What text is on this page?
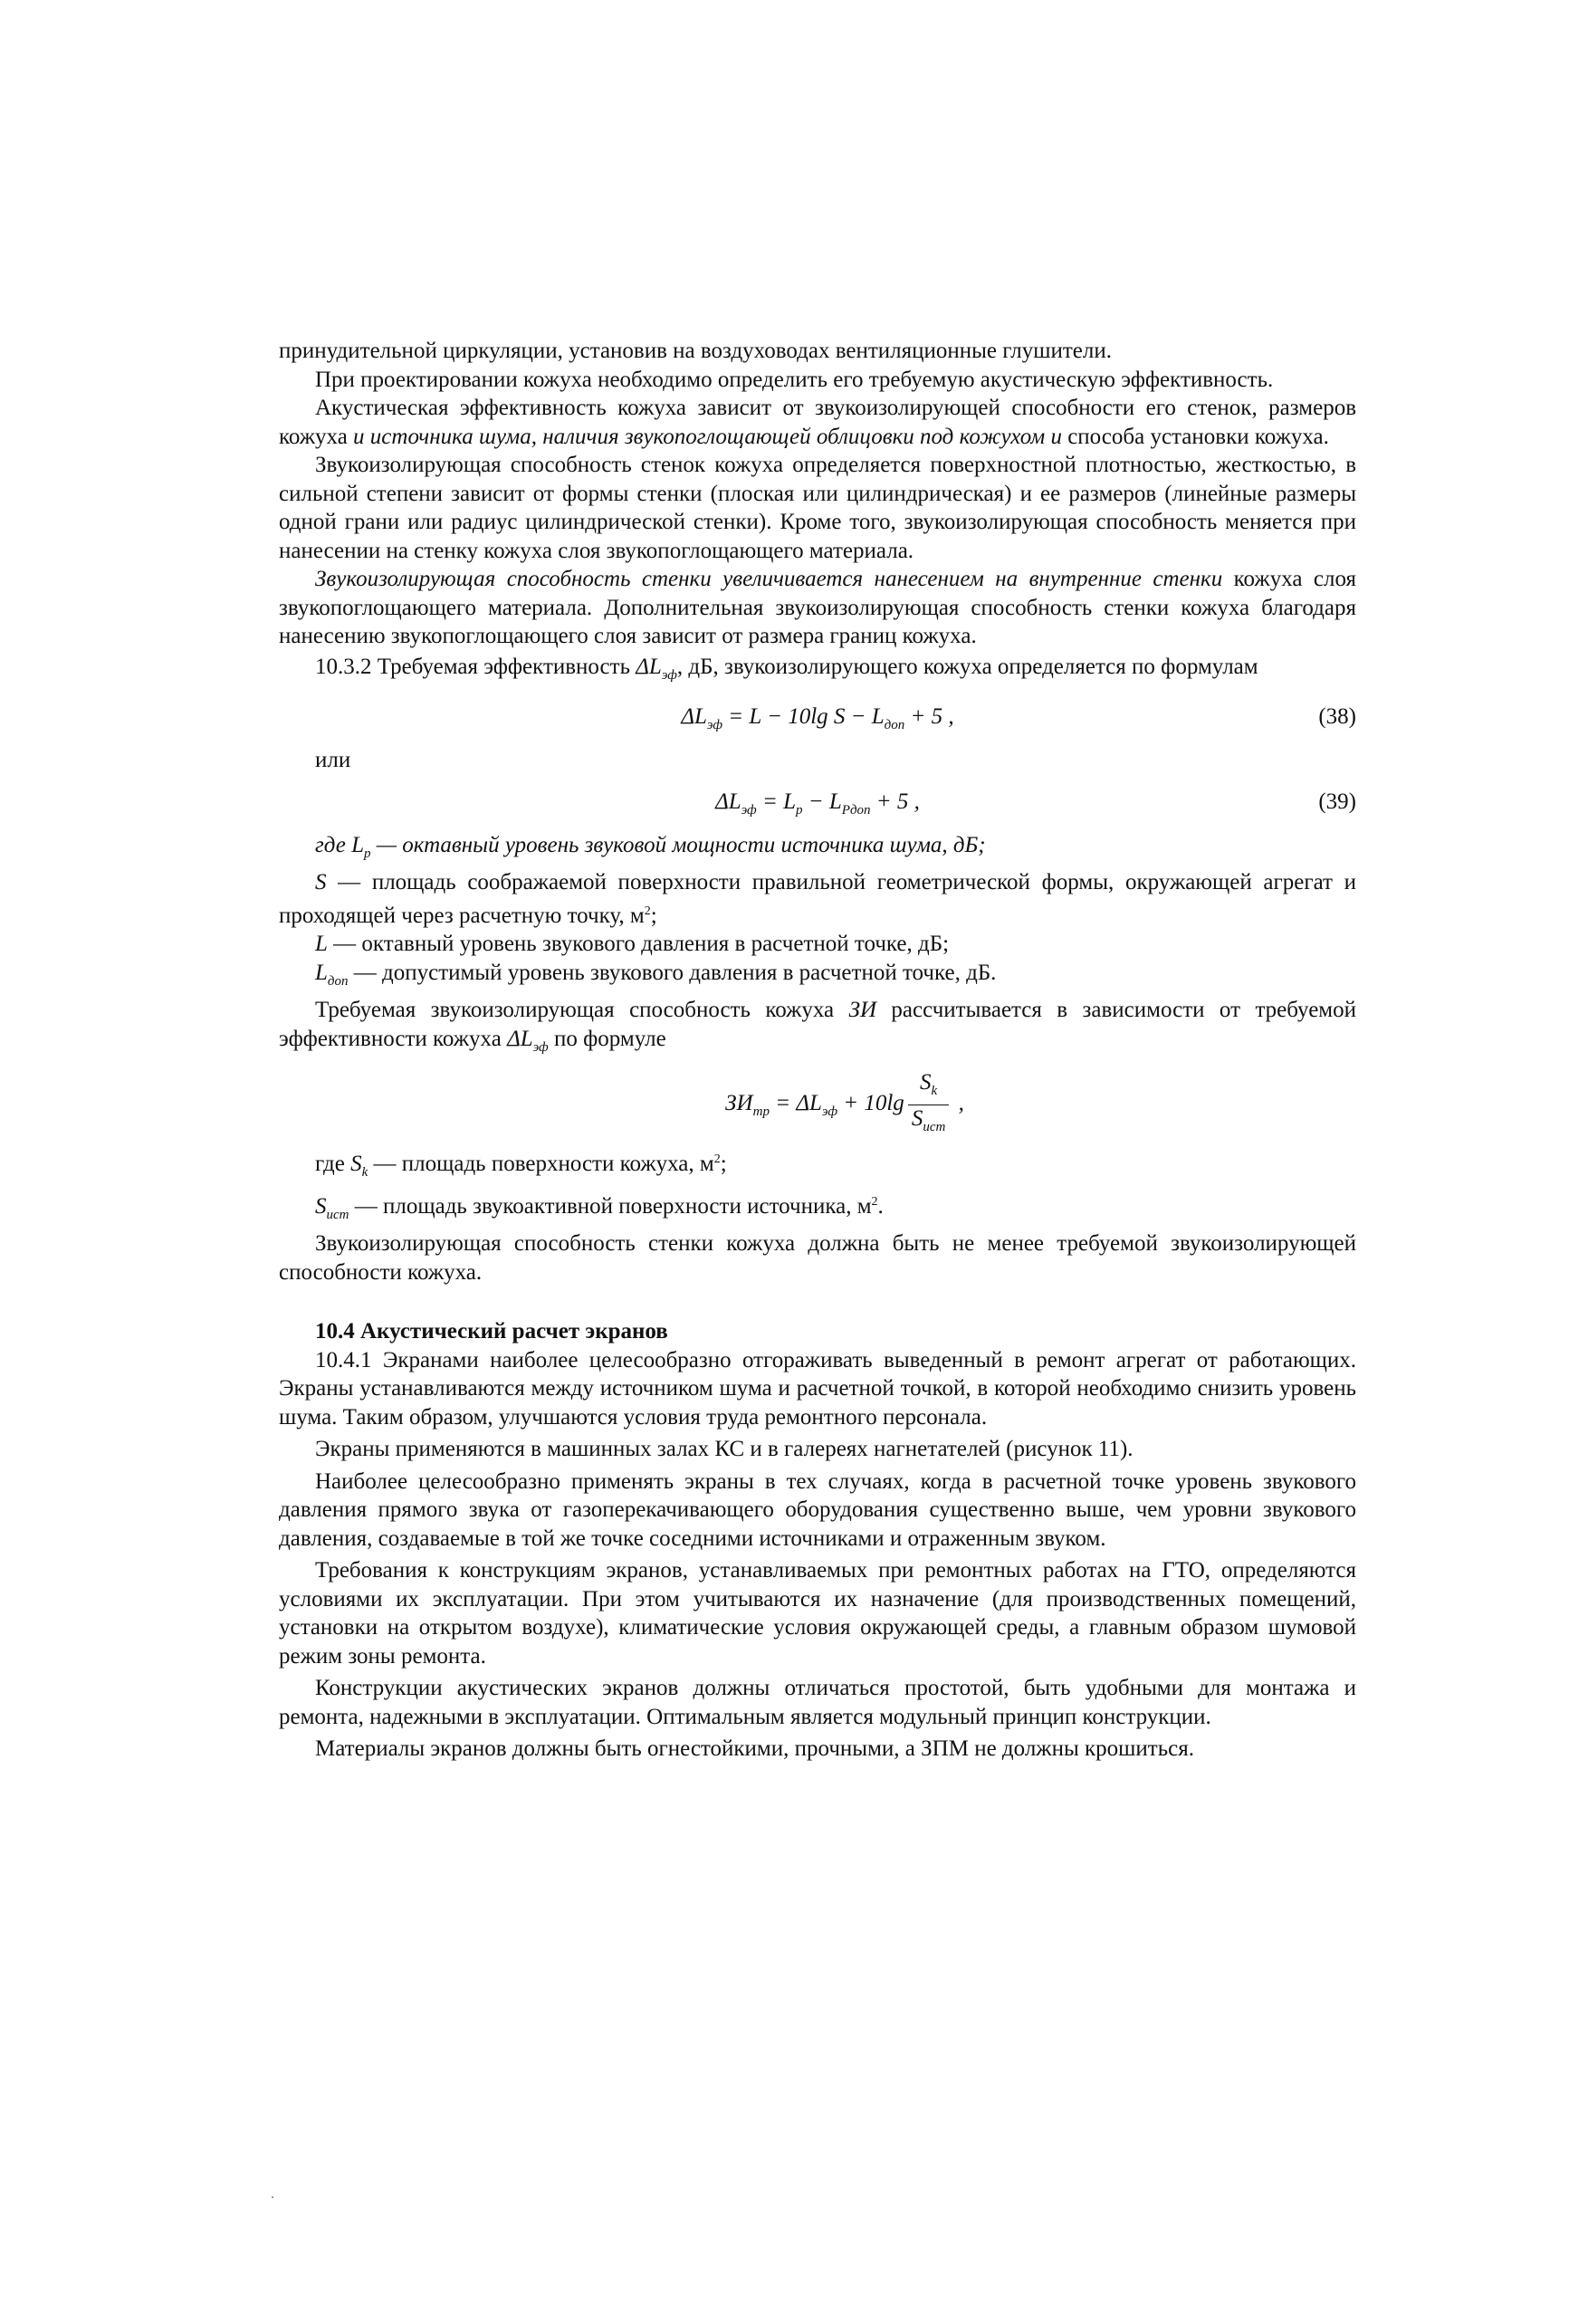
принудительной циркуляции, установив на воздуховодах вентиляционные глушители.

При проектировании кожуха необходимо определить его требуемую акустическую эффективность.

Акустическая эффективность кожуха зависит от звукоизолирующей способности его стенок, размеров кожуха и источника шума, наличия звукопоглощающей облицовки под кожухом и способа установки кожуха.

Звукоизолирующая способность стенок кожуха определяется поверхностной плотностью, жесткостью, в сильной степени зависит от формы стенки (плоская или цилиндрическая) и ее размеров (линейные размеры одной грани или радиус цилиндрической стенки). Кроме того, звукоизолирующая способность меняется при нанесении на стенку кожуха слоя звукопоглощающего материала.

Звукоизолирующая способность стенки увеличивается нанесением на внутренние стенки кожуха слоя звукопоглощающего материала. Дополнительная звукоизолирующая способность стенки кожуха благодаря нанесению звукопоглощающего слоя зависит от размера границ кожуха.

10.3.2 Требуемая эффективность $\Delta L_{эф}$, дБ, звукоизолирующего кожуха определяется по формулам

$\Delta L_{эф} = L - 10\lg$ $S - L_{доп} + 5$ ,	(38)

или

$\Delta L_{эф} = L_p - L_{Pдоп} + 5$ ,	(39)

где $L_p$ — октавный уровень звуковой мощности источника шума, дБ;

S — площадь соображаемой поверхности правильной геометрической формы, окружающей агрегат и проходящей через расчетную точку, $м^2$;

L — октавный уровень звукового давления в расчетной точке, дБ;

$L_{доп}$ — допустимый уровень звукового давления в расчетной точке, дБ.

Требуемая звукоизолирующая способность кожуха ЗИ рассчитывается в зависимости от требуемой эффективности кожуха $\Delta L_{эф}$ по формуле

$ЗИ_{тр} = \Delta L_{эф} + 10\lg \frac{S_k}{S_{ист}}$ ,

где $S_k$ — площадь поверхности кожуха, $м^2$;

$S_{ист}$ — площадь звукоактивной поверхности источника, $м^2$.

Звукоизолирующая способность стенки кожуха должна быть не менее требуемой звукоизолирующей способности кожуха.

10.4 Акустический расчет экранов

10.4.1 Экранами наиболее целесообразно отгораживать выведенный в ремонт агрегат от работающих. Экраны устанавливаются между источником шума и расчетной точкой, в которой необходимо снизить уровень шума. Таким образом, улучшаются условия труда ремонтного персонала.

Экраны применяются в машинных залах КС и в галереях нагнетателей (рисунок 11).

Наиболее целесообразно применять экраны в тех случаях, когда в расчетной точке уровень звукового давления прямого звука от газоперекачивающего оборудования существенно выше, чем уровни звукового давления, создаваемые в той же точке соседними источниками и отраженным звуком.

Требования к конструкциям экранов, устанавливаемых при ремонтных работах на ГТО, определяются условиями их эксплуатации. При этом учитываются их назначение (для производственных помещений, установки на открытом воздухе), климатические условия окружающей среды, а главным образом шумовой режим зоны ремонта.

Конструкции акустических экранов должны отличаться простотой, быть удобными для монтажа и ремонта, надежными в эксплуатации. Оптимальным является модульный принцип конструкции.

Материалы экранов должны быть огнестойкими, прочными, а ЗПМ не должны крошиться.
